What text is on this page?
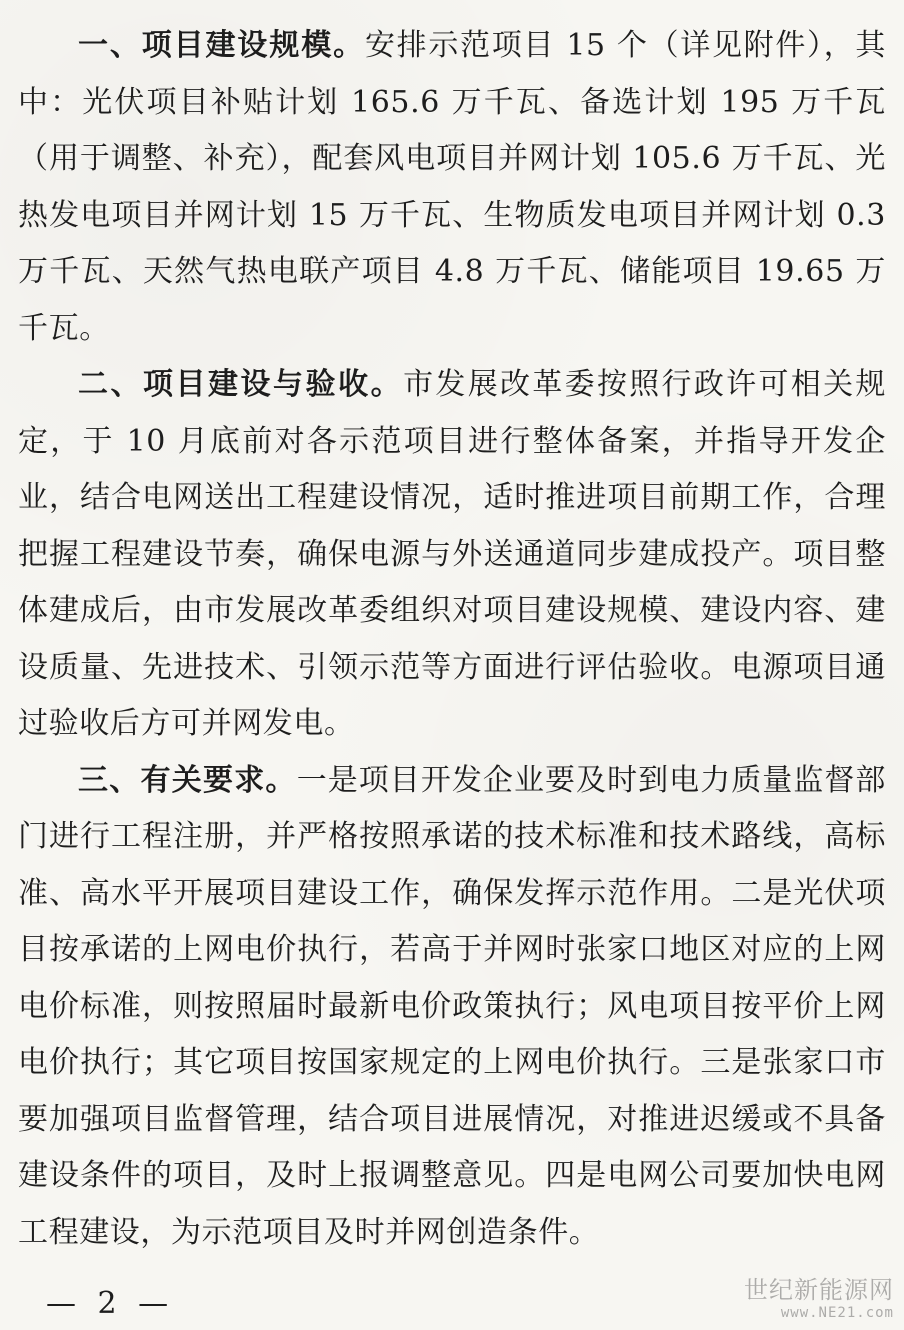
一、项目建设规模。安排示范项目 15 个（详见附件），其中：光伏项目补贴计划 165.6 万千瓦、备选计划 195 万千瓦（用于调整、补充），配套风电项目并网计划 105.6 万千瓦、光热发电项目并网计划 15 万千瓦、生物质发电项目并网计划 0.3 万千瓦、天然气热电联产项目 4.8 万千瓦、储能项目 19.65 万千瓦。

二、项目建设与验收。市发展改革委按照行政许可相关规定，于 10 月底前对各示范项目进行整体备案，并指导开发企业，结合电网送出工程建设情况，适时推进项目前期工作，合理把握工程建设节奏，确保电源与外送通道同步建成投产。项目整体建成后，由市发展改革委组织对项目建设规模、建设内容、建设质量、先进技术、引领示范等方面进行评估验收。电源项目通过验收后方可并网发电。

三、有关要求。一是项目开发企业要及时到电力质量监督部门进行工程注册，并严格按照承诺的技术标准和技术路线，高标准、高水平开展项目建设工作，确保发挥示范作用。二是光伏项目按承诺的上网电价执行，若高于并网时张家口地区对应的上网电价标准，则按照届时最新电价政策执行；风电项目按平价上网电价执行；其它项目按国家规定的上网电价执行。三是张家口市要加强项目监督管理，结合项目进展情况，对推进迟缓或不具备建设条件的项目，及时上报调整意见。四是电网公司要加快电网工程建设，为示范项目及时并网创造条件。

— 2 —	世纪新能源网
www.NE21.com
